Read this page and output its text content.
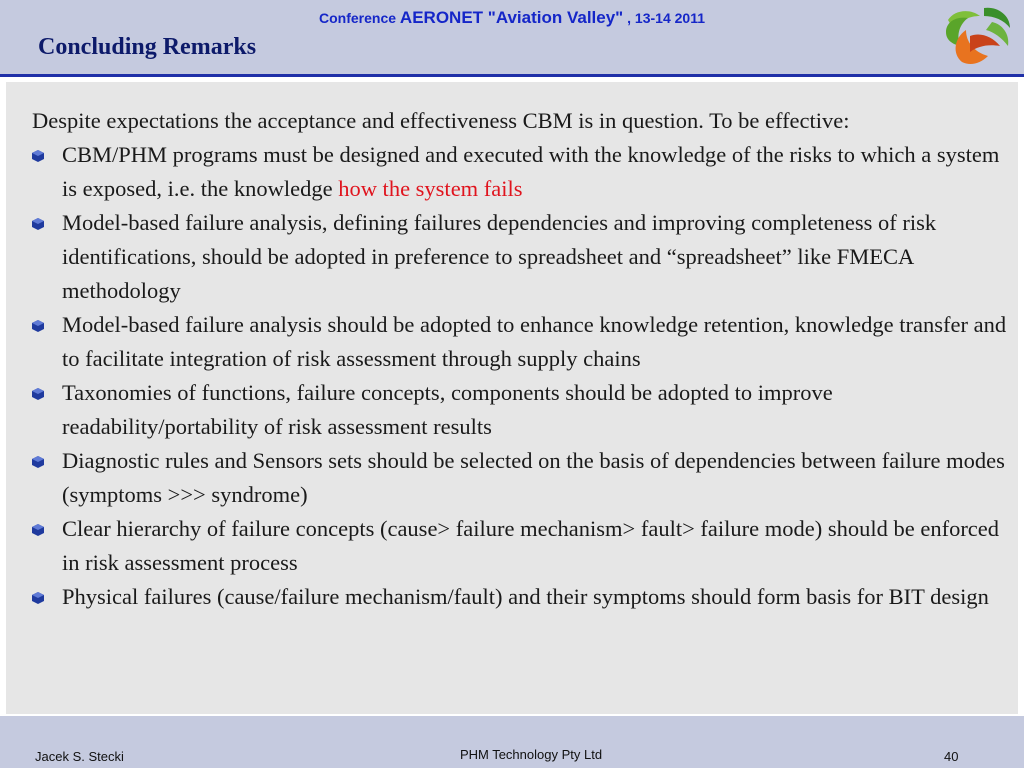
Conference AERONET "Aviation Valley" , 13-14 2011
Concluding Remarks

Despite expectations the acceptance and effectiveness CBM is in question. To be effective:

CBM/PHM programs must be designed and executed with the knowledge of the risks to which a system is exposed, i.e. the knowledge how the system fails
Model-based failure analysis, defining failures dependencies and improving completeness of risk identifications, should be adopted in preference to spreadsheet and “spreadsheet” like FMECA methodology
Model-based failure analysis should be adopted to enhance knowledge retention, knowledge transfer and to facilitate integration of risk assessment through supply chains
Taxonomies of functions, failure concepts, components should be adopted to improve readability/portability of risk assessment results
Diagnostic rules and Sensors sets should be selected on the basis of dependencies between failure modes (symptoms >>> syndrome)
Clear hierarchy of failure concepts (cause> failure mechanism> fault> failure mode) should be enforced in risk assessment process
Physical failures (cause/failure mechanism/fault) and their symptoms should form basis for BIT design
Jacek S. Stecki	PHM Technology Pty Ltd	40
